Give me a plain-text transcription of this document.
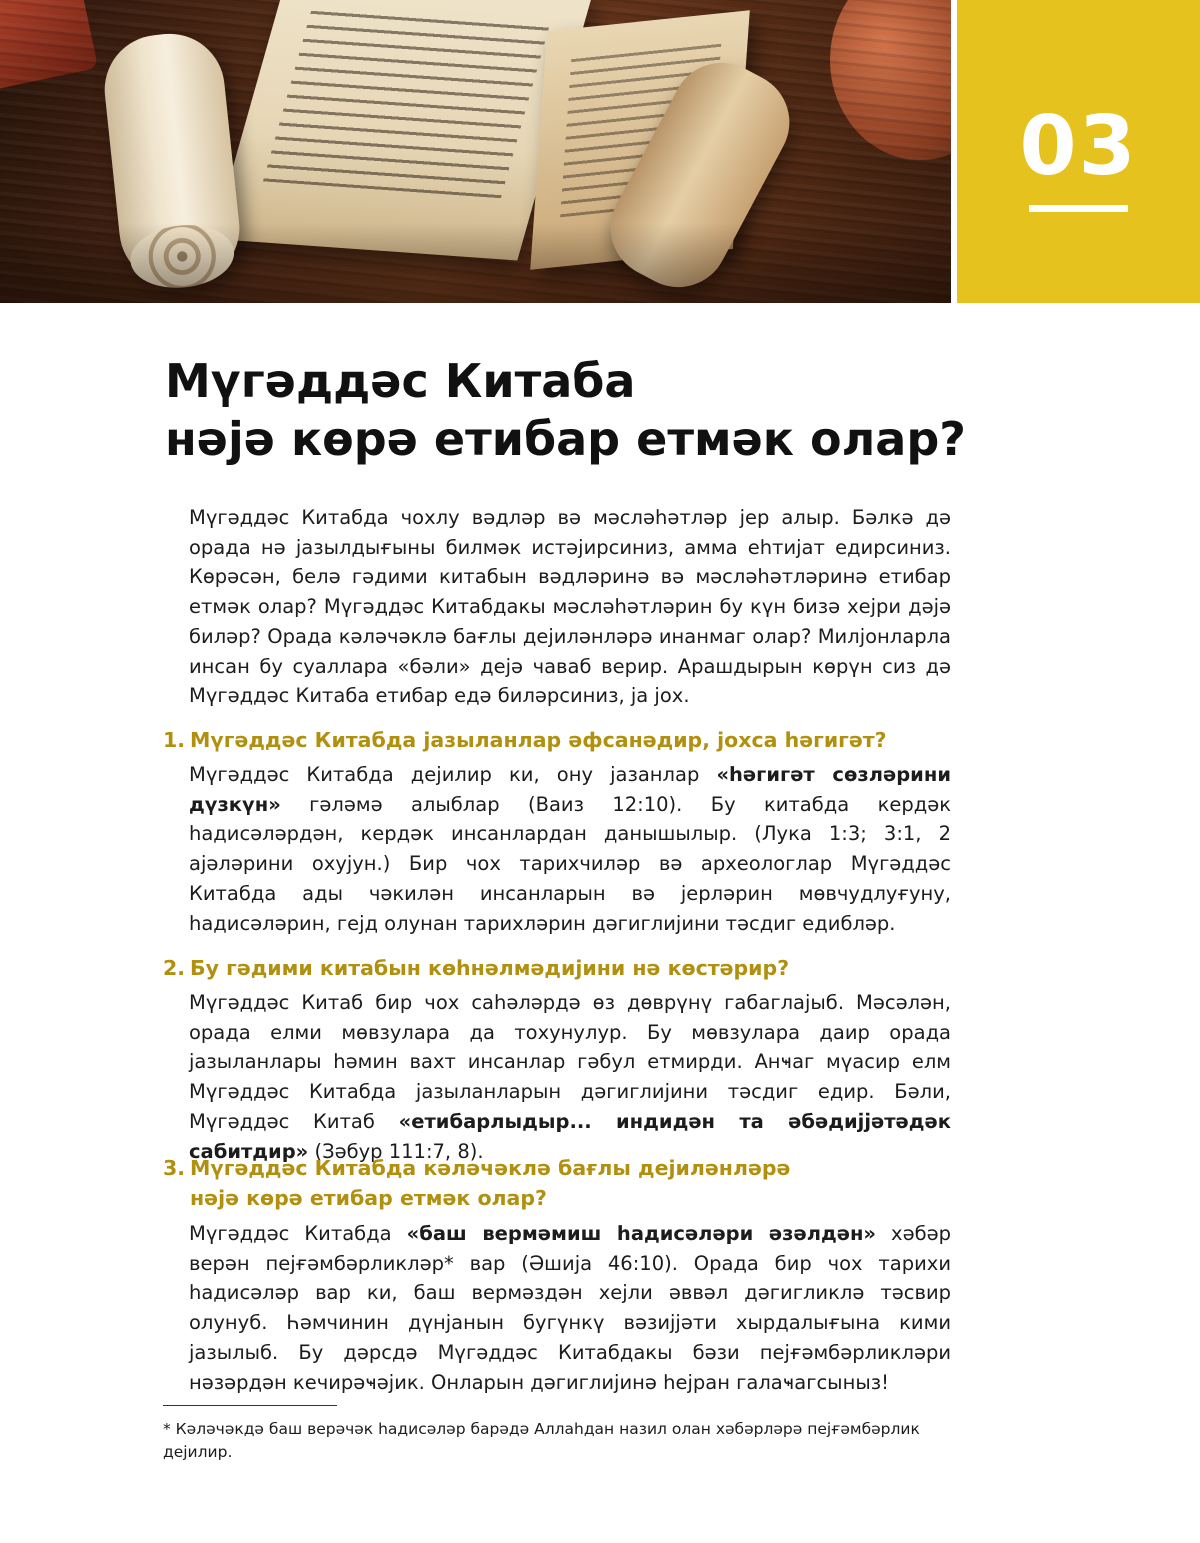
03
Мүгәддәс Китаба
нәјә көрә етибар етмәк олар?

Мүгәддәс Китабда чохлу вәдләр вә мәсләһәтләр јер алыр. Бәлкә дә орада нә јазылдығыны билмәк истәјирсиниз, амма еһтијат едирсиниз. Көрәсән, белә гәдими китабын вәдләринә вә мәсләһәтләринә етибар етмәк олар? Мүгәддәс Китабдакы мәсләһәтләрин бу күн бизә хејри дәјә биләр? Орада кәләчәклә бағлы дејиләнләрә инанмаг олар? Милјонларла инсан бу суаллара «бәли» дејә чаваб верир. Арашдырын көрүн сиз дә Мүгәддәс Китаба етибар едә биләрсиниз, ја јох.

1. Мүгәддәс Китабда јазыланлар әфсанәдир, јохса һәгигәт?

Мүгәддәс Китабда дејилир ки, ону јазанлар «һәгигәт сөзләрини дүзкүн» гәләмә алыблар (Ваиз 12:10). Бу китабда кердәк һадисәләрдән, кердәк инсанлардан данышылыр. (Лука 1:3; 3:1, 2 ајәләрини охујун.) Бир чох тарихчиләр вә археологлар Мүгәддәс Китабда ады чәкилән инсанларын вә јерләрин мөвчудлуғуну, һадисәләрин, гејд олунан тарихләрин дәгиглијини тәсдиг едибләр.

2. Бу гәдими китабын көһнәлмәдијини нә көстәрир?

Мүгәддәс Китаб бир чох саһәләрдә өз дөврүнү габаглајыб. Мәсәлән, орада елми мөвзулара да тохунулур. Бу мөвзулара даир орада јазыланлары һәмин вахт инсанлар гәбул етмирди. Анҹаг мүасир елм Мүгәддәс Китабда јазыланларын дәгиглијини тәсдиг едир. Бәли, Мүгәддәс Китаб «етибарлыдыр... индидән та әбәдијјәтәдәк сабитдир» (Зәбур 111:7, 8).

3. Мүгәддәс Китабда кәләчәклә бағлы дејиләнләрә
нәјә көрә етибар етмәк олар?

Мүгәддәс Китабда «баш вермәмиш һадисәләри әзәлдән» хәбәр верән пејғәмбәрликләр* вар (Әшија 46:10). Орада бир чох тарихи һадисәләр вар ки, баш вермәздән хејли әввәл дәгигликлә тәсвир олунуб. Һәмчинин дүнјанын бугүнкү вәзијјәти хырдалығына кими јазылыб. Бу дәрсдә Мүгәддәс Китабдакы бәзи пејғәмбәрликләри нәзәрдән кечирәҹәјик. Онларын дәгиглијинә һејран галаҹагсыныз!

* Кәләчәкдә баш верәчәк һадисәләр барәдә Аллаһдан назил олан хәбәрләрә пејғәмбәрлик дејилир.
